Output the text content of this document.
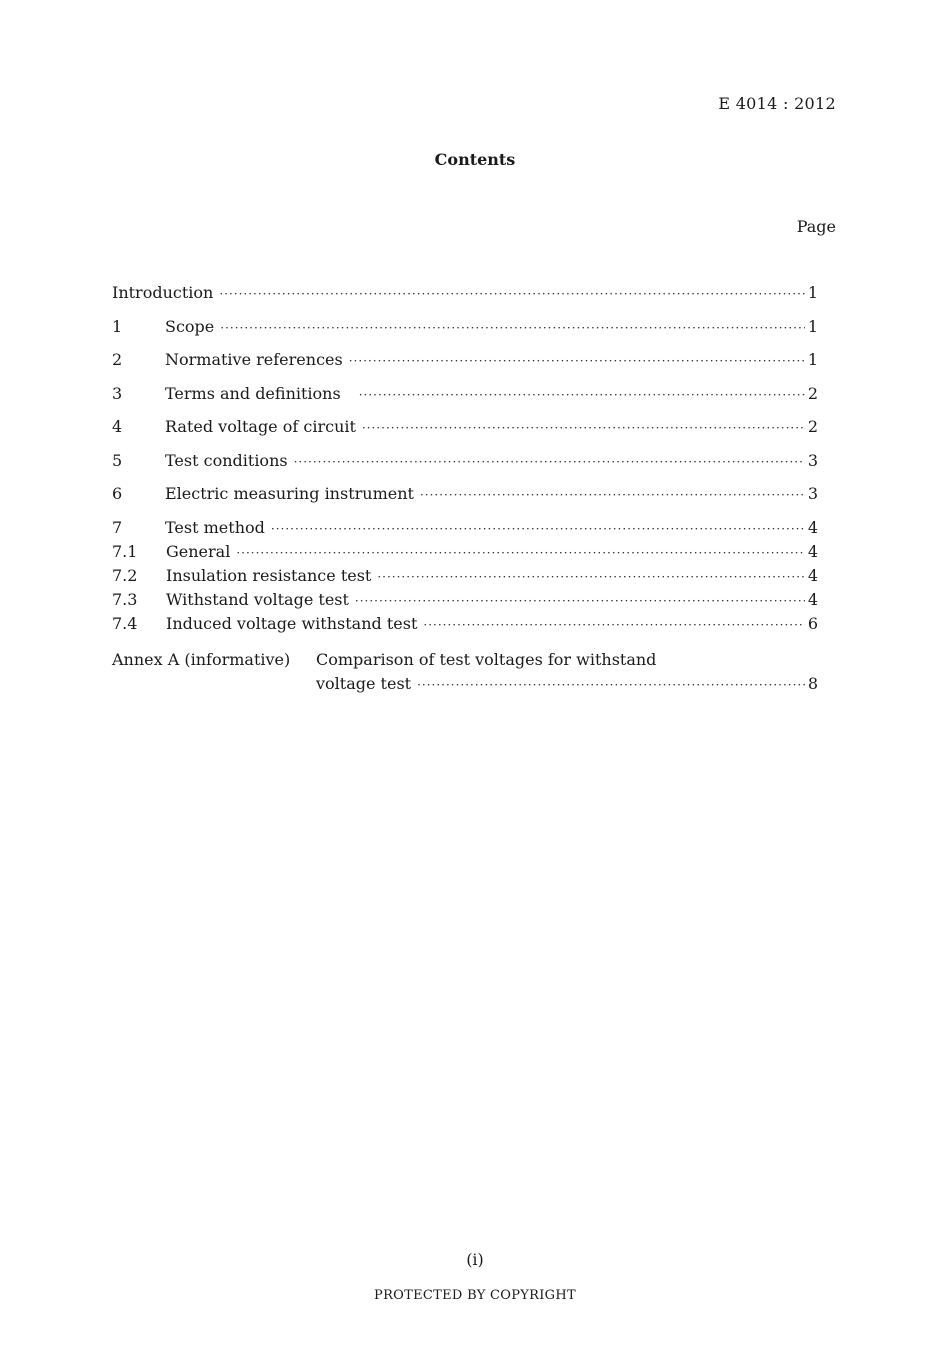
E 4014 : 2012
Contents
Page
Introduction ·····	1
1	Scope ·····	1
2	Normative references ·····	1
3	Terms and definitions ·····	2
4	Rated voltage of circuit ·····	2
5	Test conditions ·····	3
6	Electric measuring instrument ·····	3
7	Test method ·····	4
7.1 General ·····	4
7.2 Insulation resistance test ·····	4
7.3 Withstand voltage test ·····	4
7.4 Induced voltage withstand test ·····	6
Annex A (informative) Comparison of test voltages for withstand
voltage test ·····	8
(i)
PROTECTED BY COPYRIGHT
